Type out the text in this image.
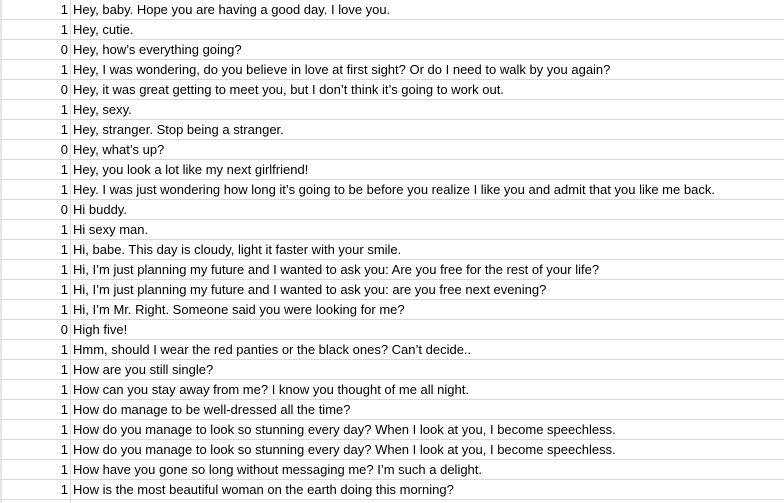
1 Hey, baby. Hope you are having a good day. I love you.
1 Hey, cutie.
0 Hey, how’s everything going?
1 Hey, I was wondering, do you believe in love at first sight? Or do I need to walk by you again?
0 Hey, it was great getting to meet you, but I don’t think it’s going to work out.
1 Hey, sexy.
1 Hey, stranger. Stop being a stranger.
0 Hey, what’s up?
1 Hey, you look a lot like my next girlfriend!
1 Hey. I was just wondering how long it’s going to be before you realize I like you and admit that you like me back.
0 Hi buddy.
1 Hi sexy man.
1 Hi, babe. This day is cloudy, light it faster with your smile.
1 Hi, I’m just planning my future and I wanted to ask you: Are you free for the rest of your life?
1 Hi, I’m just planning my future and I wanted to ask you: are you free next evening?
1 Hi, I’m Mr. Right. Someone said you were looking for me?
0 High five!
1 Hmm, should I wear the red panties or the black ones? Can’t decide..
1 How are you still single?
1 How can you stay away from me? I know you thought of me all night.
1 How do manage to be well-dressed all the time?
1 How do you manage to look so stunning every day? When I look at you, I become speechless.
1 How do you manage to look so stunning every day? When I look at you, I become speechless.
1 How have you gone so long without messaging me? I’m such a delight.
1 How is the most beautiful woman on the earth doing this morning?
